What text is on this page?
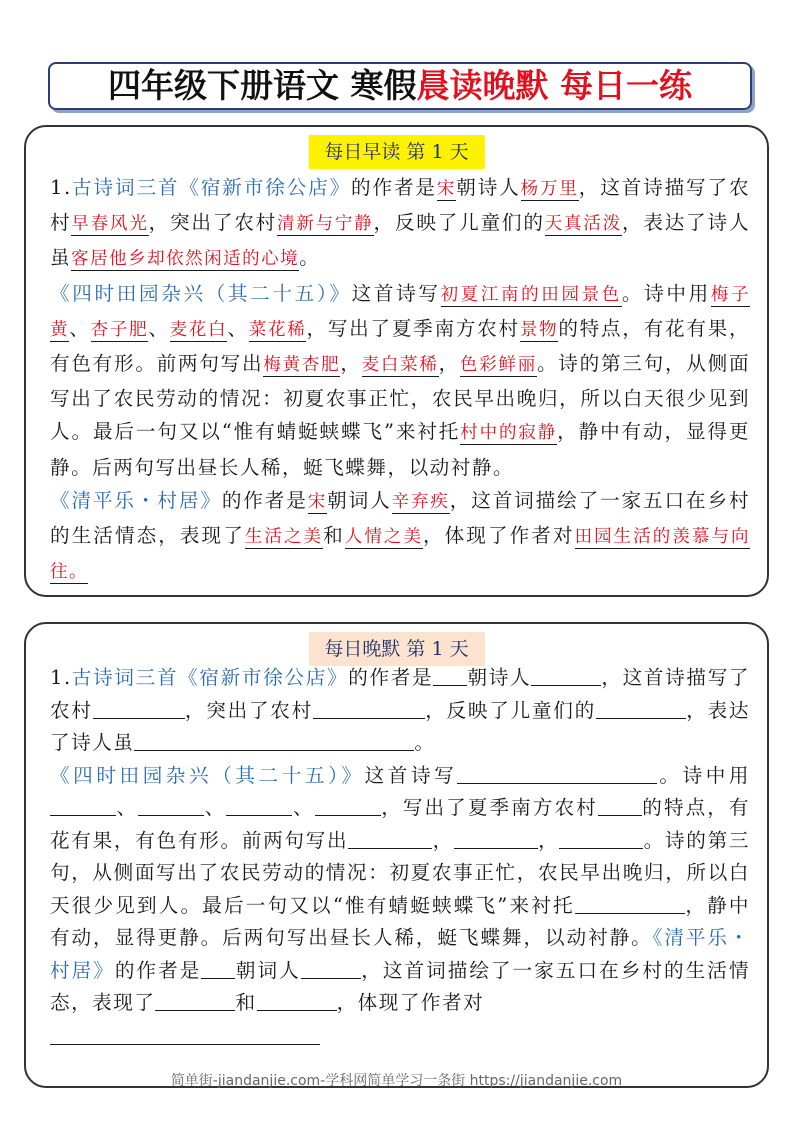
四年级下册语文 寒假晨读晚默 每日一练
每日早读 第 1 天
1.古诗词三首《宿新市徐公店》的作者是宋朝诗人杨万里，这首诗描写了农村早春风光，突出了农村清新与宁静，反映了儿童们的天真活泼，表达了诗人虽客居他乡却依然闲适的心境。
《四时田园杂兴（其二十五）》这首诗写初夏江南的田园景色。诗中用梅子黄、杏子肥、麦花白、菜花稀，写出了夏季南方农村景物的特点，有花有果，有色有形。前两句写出梅黄杏肥，麦白菜稀，色彩鲜丽。诗的第三句，从侧面写出了农民劳动的情况：初夏农事正忙，农民早出晚归，所以白天很少见到人。最后一句又以“惟有蜻蜓蛱蝶飞”来衬托村中的寂静，静中有动，显得更静。后两句写出昼长人稀，蜓飞蝶舞，以动衬静。
《清平乐・村居》的作者是宋朝词人辛弃疾，这首词描绘了一家五口在乡村的生活情态，表现了生活之美和人情之美，体现了作者对田园生活的羡慕与向往。
每日晚默 第 1 天
1.古诗词三首《宿新市徐公店》的作者是 朝诗人	，这首诗描写了农村	，突出了农村	，反映了儿童们的	，表达了诗人虽	。
《四时田园杂兴（其二十五）》这首诗写	。诗中用、	、	、	，写出了夏季南方农村 的特点，有花有果，有色有形。前两句写出	，	，	。诗的第三句，从侧面写出了农民劳动的情况：初夏农事正忙，农民早出晚归，所以白天很少见到人。最后一句又以“惟有蜻蜓蛱蝶飞”来衬托	，静中有动，显得更静。后两句写出昼长人稀，蜓飞蝶舞，以动衬静。《清平乐・村居》的作者是 朝词人	，这首词描绘了一家五口在乡村的生活情态，表现了	和	，体现了作者对
简单街-jiandanjie.com-学科网简单学习一条街 https://jiandanjie.com
